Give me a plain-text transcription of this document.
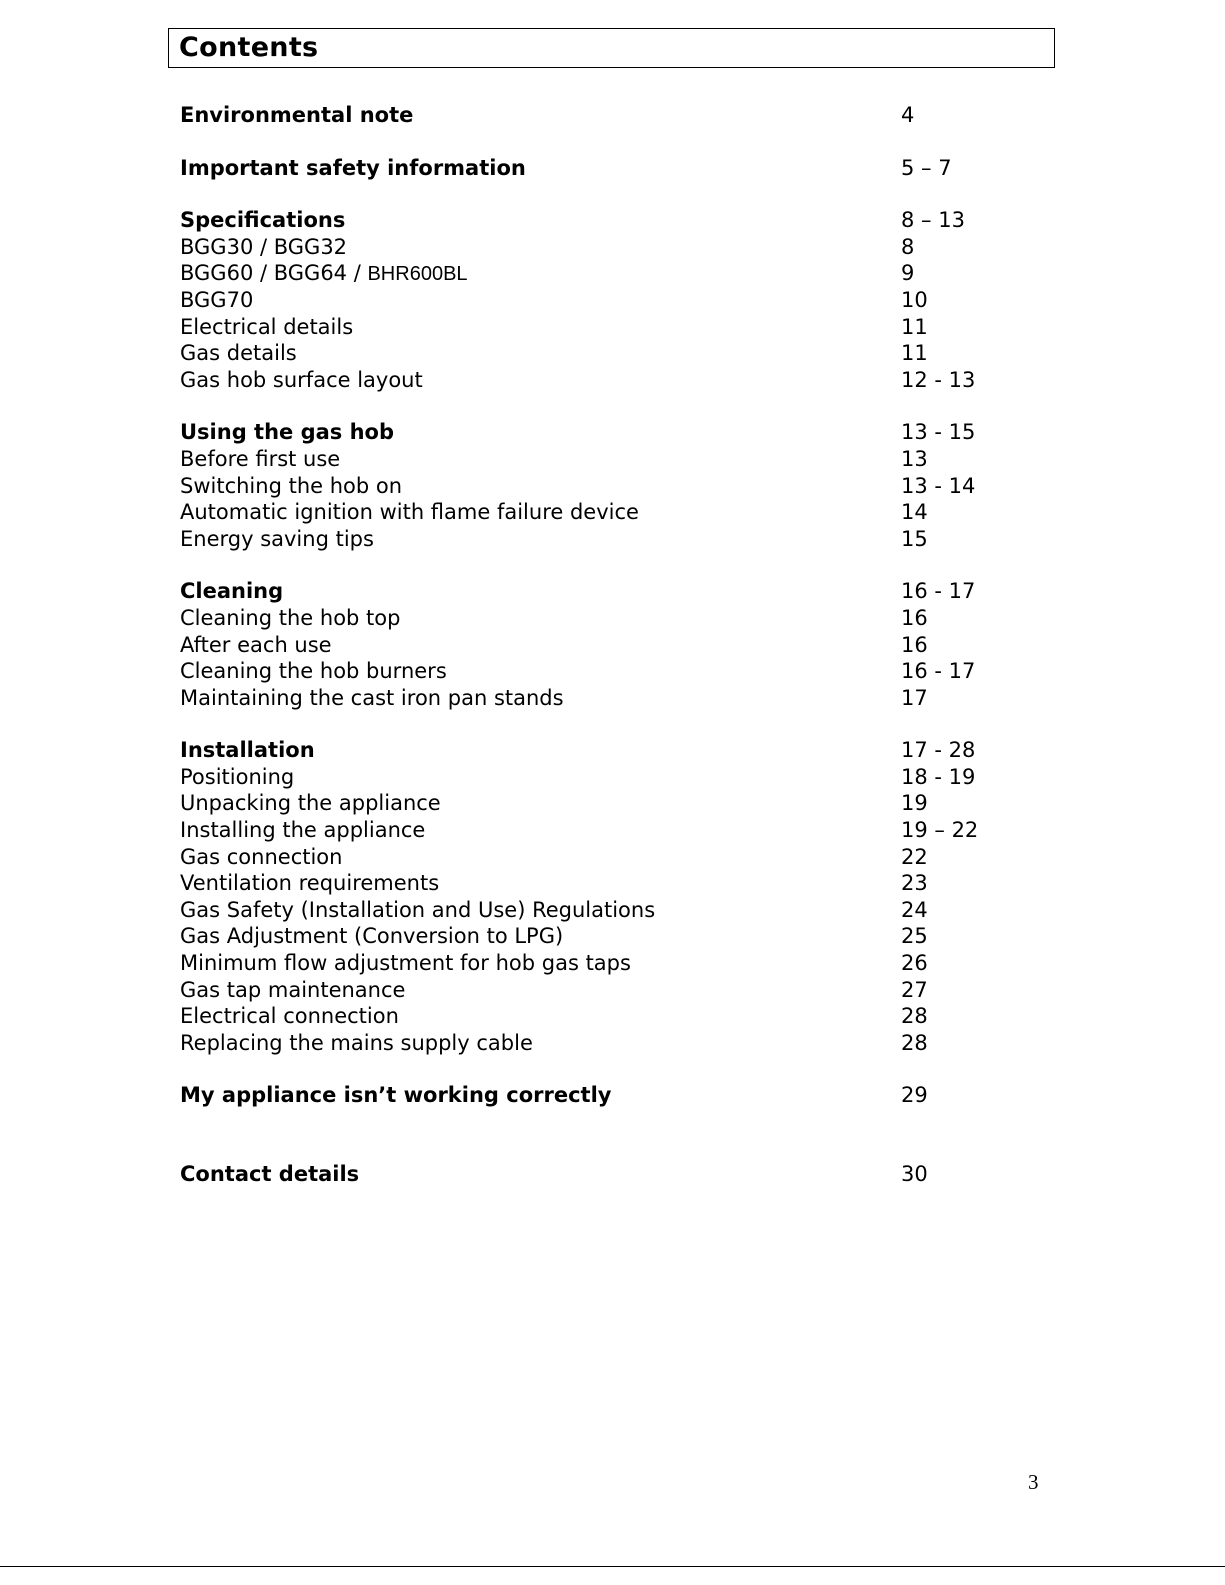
Contents
Environmental note	4
Important safety information	5 – 7
Specifications	8 – 13
BGG30 / BGG32	8
BGG60 / BGG64 / BHR600BL	9
BGG70	10
Electrical details	11
Gas details	11
Gas hob surface layout	12 - 13
Using the gas hob	13 - 15
Before first use	13
Switching the hob on	13 - 14
Automatic ignition with flame failure device	14
Energy saving tips	15
Cleaning	16 - 17
Cleaning the hob top	16
After each use	16
Cleaning the hob burners	16 - 17
Maintaining the cast iron pan stands	17
Installation	17 - 28
Positioning	18 - 19
Unpacking the appliance	19
Installing the appliance	19 – 22
Gas connection	22
Ventilation requirements	23
Gas Safety (Installation and Use) Regulations	24
Gas Adjustment (Conversion to LPG)	25
Minimum flow adjustment for hob gas taps	26
Gas tap maintenance	27
Electrical connection	28
Replacing the mains supply cable	28
My appliance isn’t working correctly	29
Contact details	30
3
